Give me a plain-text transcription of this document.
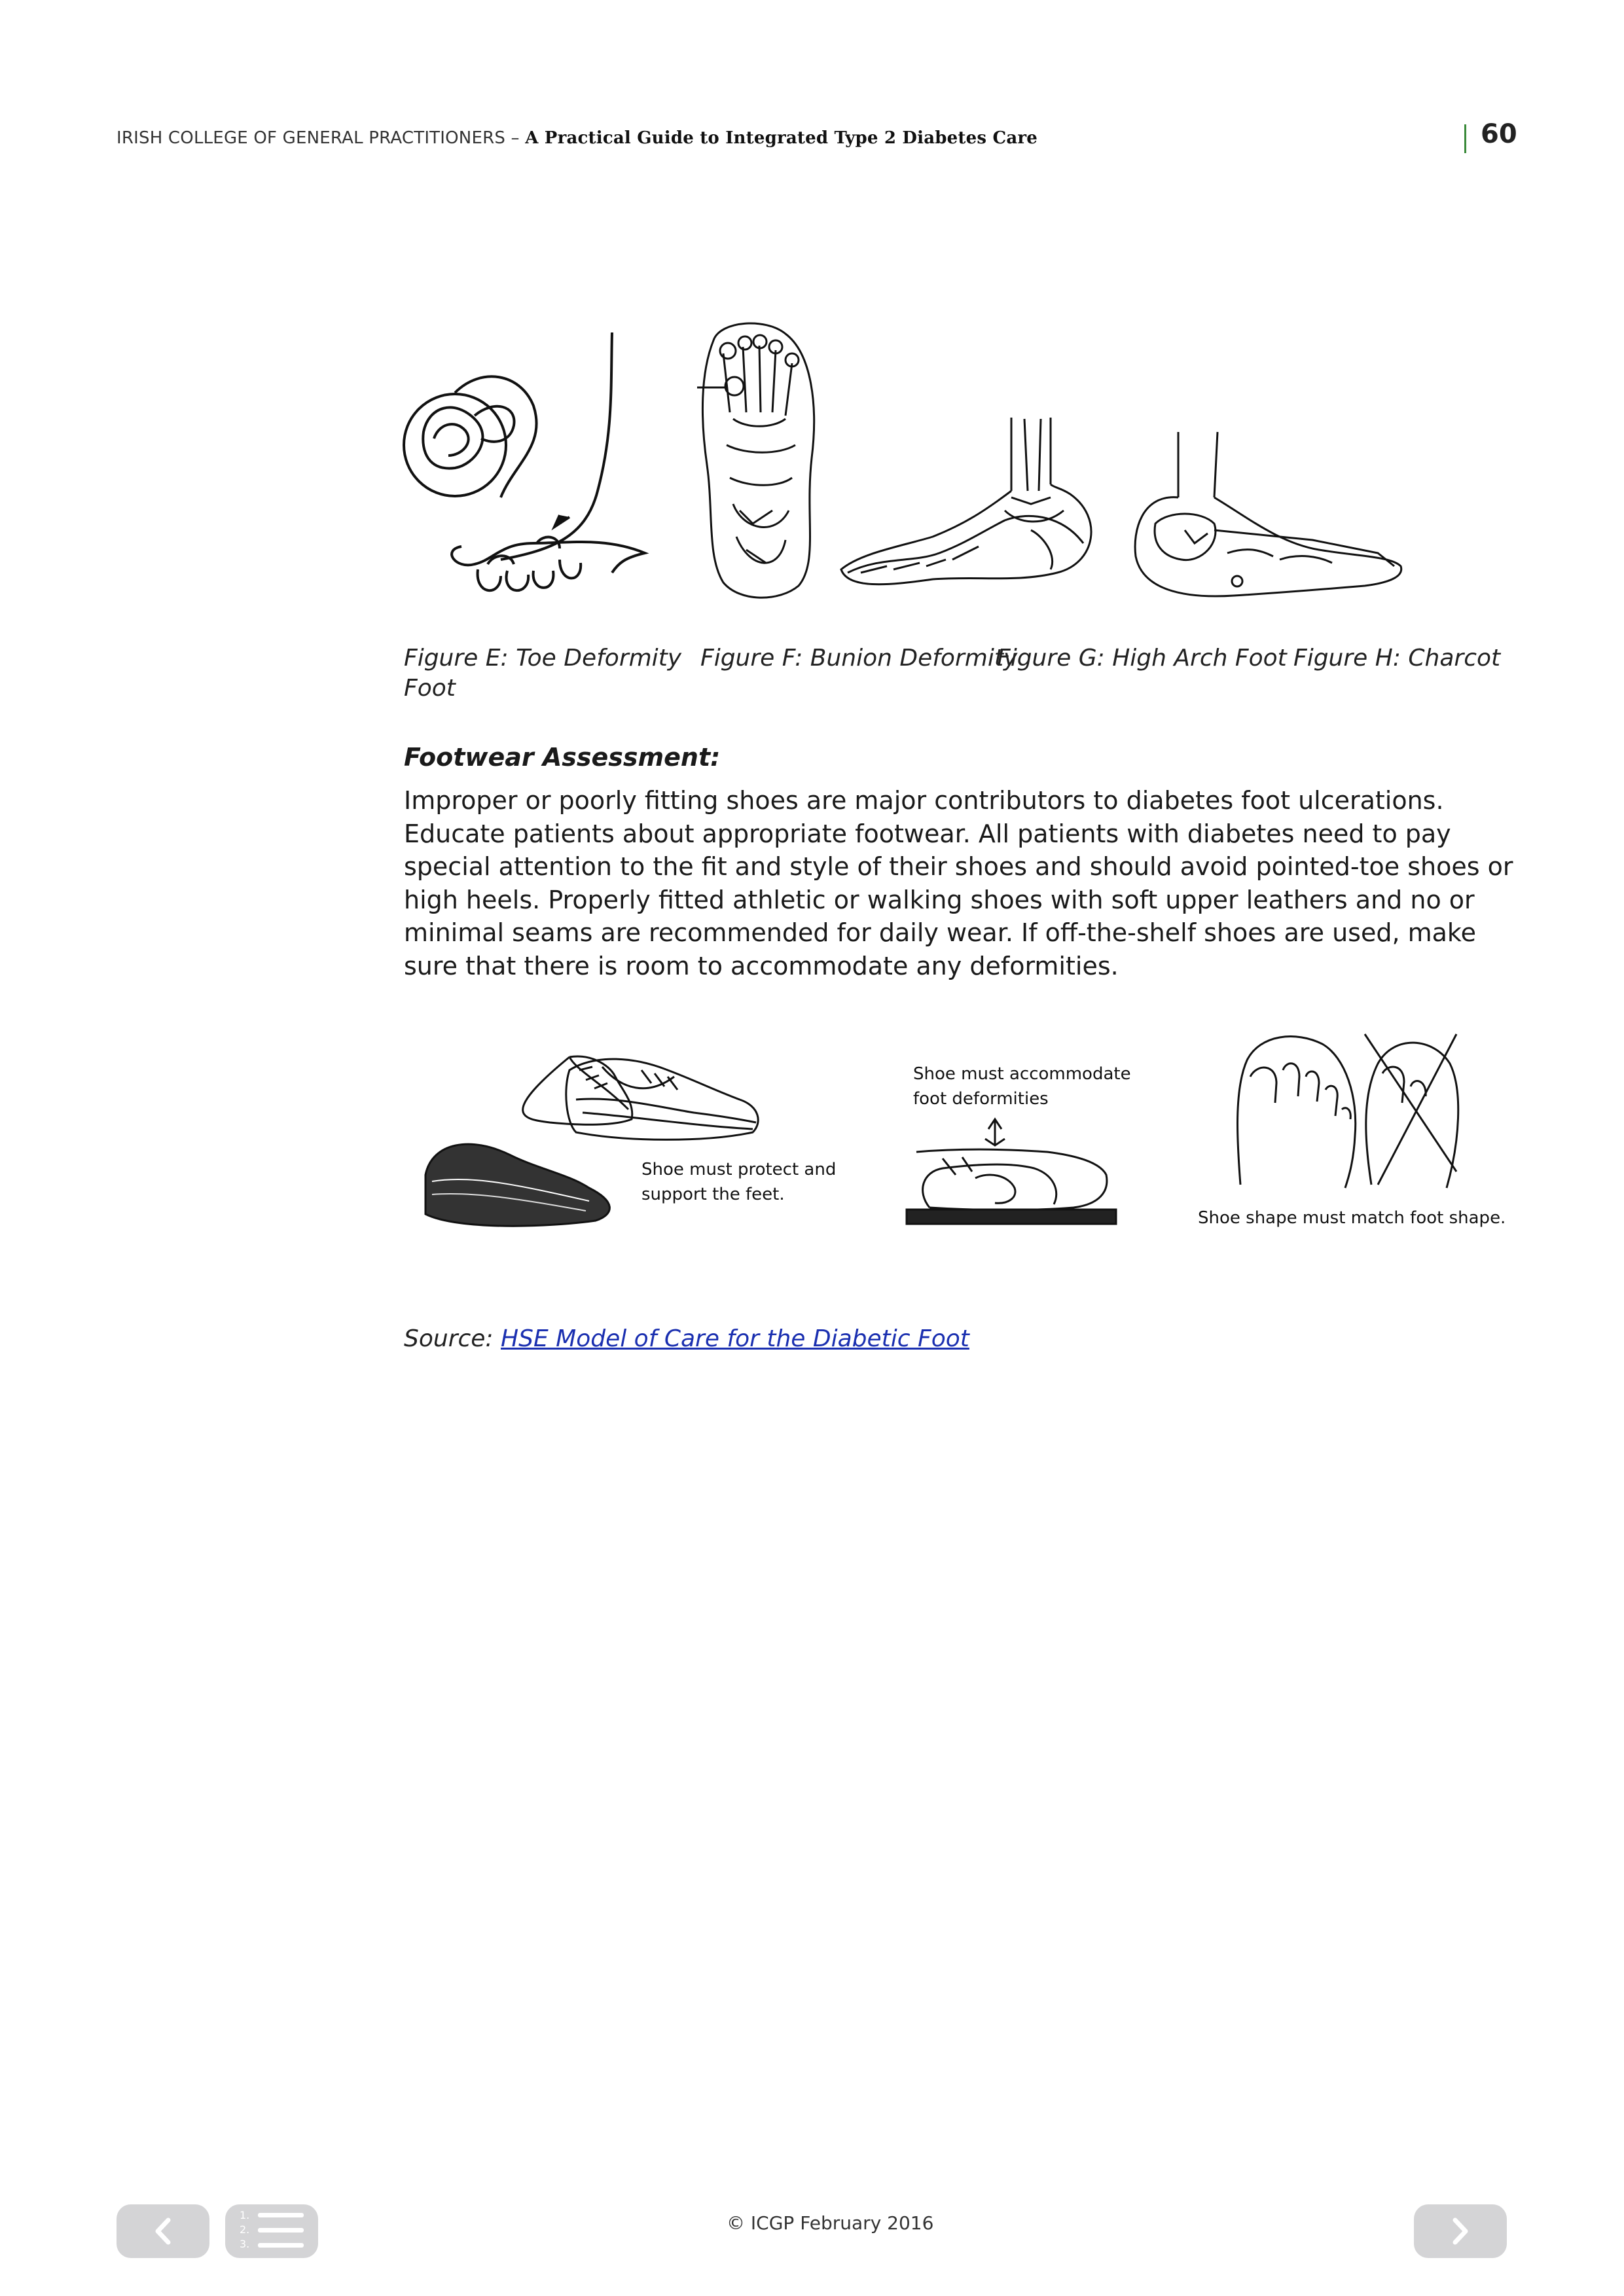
IRISH COLLEGE OF GENERAL PRACTITIONERS – A Practical Guide to Integrated Type 2 Diabetes Care	60
Figure E: Toe Deformity
Foot
Figure F: Bunion Deformity
Figure G: High Arch Foot Figure H: Charcot
Footwear Assessment:
Improper or poorly fitting shoes are major contributors to diabetes foot ulcerations. Educate patients about appropriate footwear. All patients with diabetes need to pay special attention to the fit and style of their shoes and should avoid pointed-toe shoes or high heels. Properly fitted athletic or walking shoes with soft upper leathers and no or minimal seams are recommended for daily wear. If off-the-shelf shoes are used, make sure that there is room to accommodate any deformities.
Shoe must protect and
support the feet.
Shoe must accommodate
foot deformities
Shoe shape must match foot shape.
Source: HSE Model of Care for the Diabetic Foot
© ICGP February 2016
1.
2.
3.
